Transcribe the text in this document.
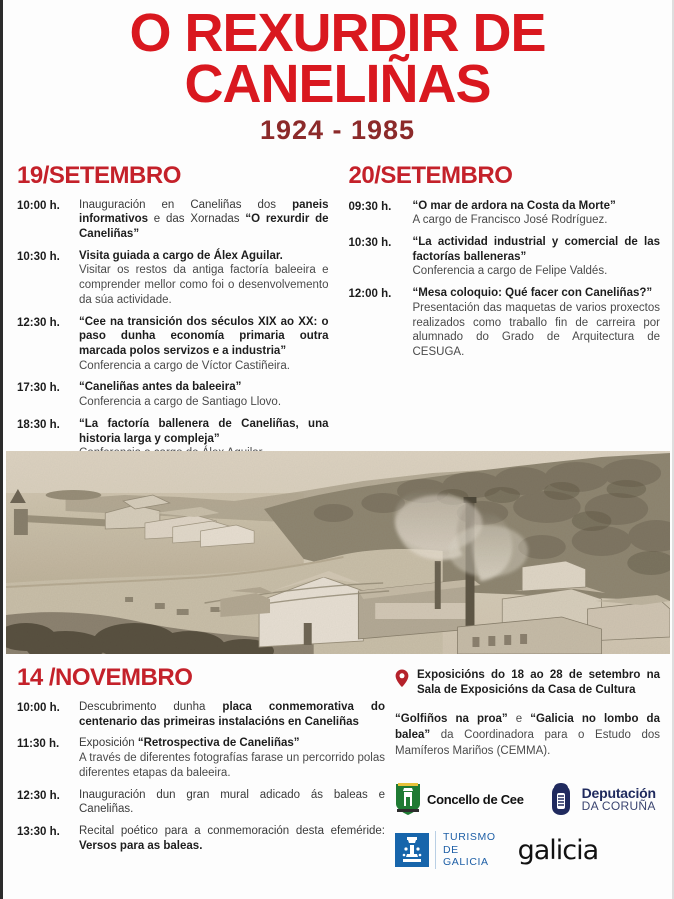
O REXURDIR DE
CANELIÑAS
1924 - 1985
19/SETEMBRO
10:00 h.	Inauguración en Caneliñas dos paneis informativos e das Xornadas “O rexurdir de Caneliñas”
10:30 h.	Visita guiada a cargo de Álex Aguilar.
Visitar os restos da antiga factoría baleeira e comprender mellor como foi o desenvolvemento da súa actividade.
12:30 h.	“Cee na transición dos séculos XIX ao XX: o paso dunha economía primaria outra marcada polos servizos e a industria”
Conferencia a cargo de Víctor Castiñeira.
17:30 h.	“Caneliñas antes da baleeira”
Conferencia a cargo de Santiago Llovo.
18:30 h.	“La factoría ballenera de Caneliñas, una historia larga y compleja”
20/SETEMBRO
09:30 h.	“O mar de ardora na Costa da Morte”
A cargo de Francisco José Rodríguez.
10:30 h.	“La actividad industrial y comercial de las factorías balleneras”
Conferencia a cargo de Felipe Valdés.
12:00 h.	“Mesa coloquio: Qué facer con Caneliñas?”
Presentación das maquetas de varios proxectos realizados como traballo fin de carreira por alumnado do Grado de Arquitectura de CESUGA.
14 /NOVEMBRO
10:00 h.	Descubrimento dunha placa conmemorativa do centenario das primeiras instalacións en Caneliñas
11:30 h.	Exposición “Retrospectiva de Caneliñas”
A través de diferentes fotografías farase un percorrido polas diferentes etapas da baleeira.
12:30 h.	Inauguración dun gran mural adicado ás baleas e Caneliñas.
13:30 h.	Recital poético para a conmemoración desta efeméride: Versos para as baleas.
Exposicións do 18 ao 28 de setembro na Sala de Exposicións da Casa de Cultura
“Golfiños na proa” e “Galicia no lombo da balea” da Coordinadora para o Estudo dos Mamíferos Mariños (CEMMA).
Concello de Cee	Deputación
DA CORUÑA
TURISMO
DE
GALICIA galicia
